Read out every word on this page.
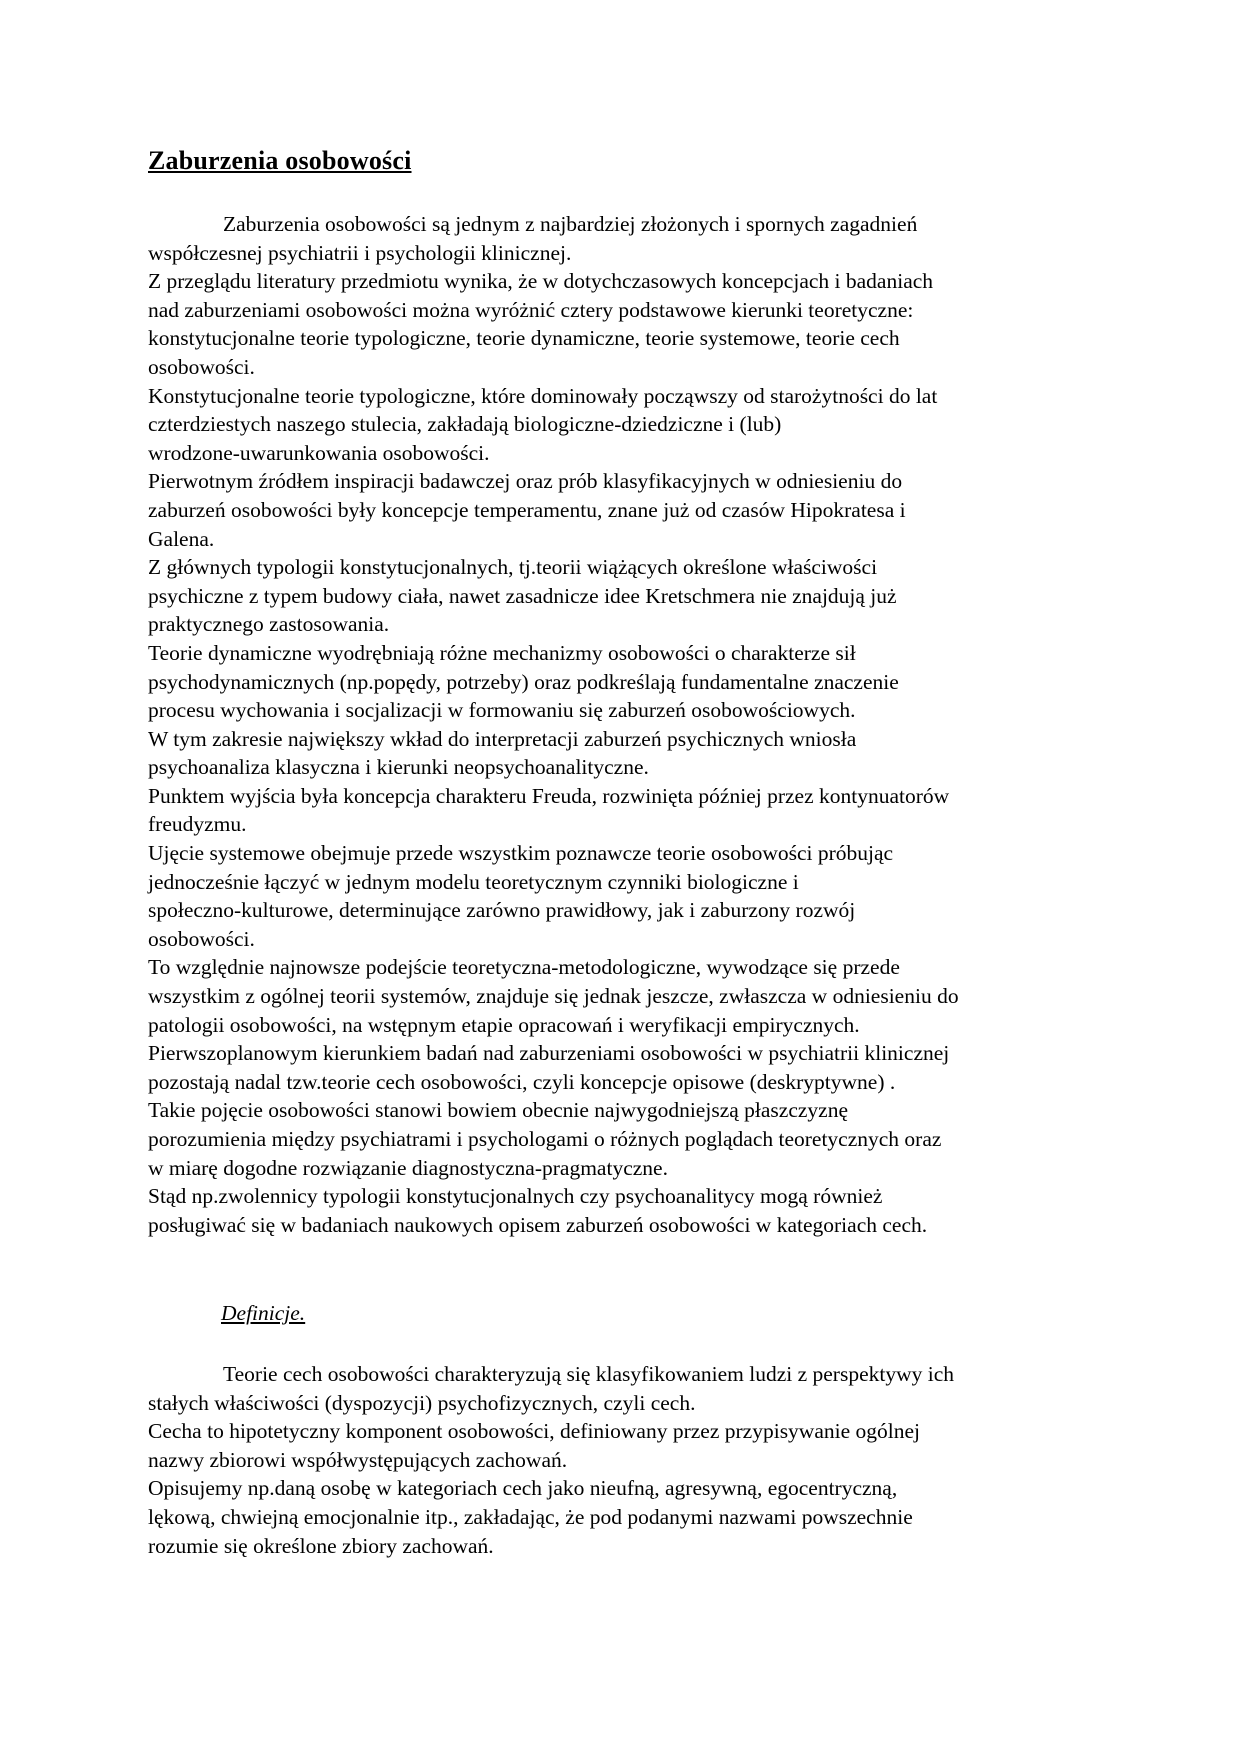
Zaburzenia osobowości
Zaburzenia osobowości są jednym z najbardziej złożonych i spornych zagadnień
współczesnej psychiatrii i psychologii klinicznej.
Z przeglądu literatury przedmiotu wynika, że w dotychczasowych koncepcjach i badaniach
nad zaburzeniami osobowości można wyróżnić cztery podstawowe kierunki teoretyczne:
konstytucjonalne teorie typologiczne, teorie dynamiczne, teorie systemowe, teorie cech
osobowości.
Konstytucjonalne teorie typologiczne, które dominowały począwszy od starożytności do lat
czterdziestych naszego stulecia, zakładają biologiczne-dziedziczne i (lub)
wrodzone-uwarunkowania osobowości.
Pierwotnym źródłem inspiracji badawczej oraz prób klasyfikacyjnych w odniesieniu do
zaburzeń osobowości były koncepcje temperamentu, znane już od czasów Hipokratesa i
Galena.
Z głównych typologii konstytucjonalnych, tj.teorii wiążących określone właściwości
psychiczne z typem budowy ciała, nawet zasadnicze idee Kretschmera nie znajdują już
praktycznego zastosowania.
Teorie dynamiczne wyodrębniają różne mechanizmy osobowości o charakterze sił
psychodynamicznych (np.popędy, potrzeby) oraz podkreślają fundamentalne znaczenie
procesu wychowania i socjalizacji w formowaniu się zaburzeń osobowościowych.
W tym zakresie największy wkład do interpretacji zaburzeń psychicznych wniosła
psychoanaliza klasyczna i kierunki neopsychoanalityczne.
Punktem wyjścia była koncepcja charakteru Freuda, rozwinięta później przez kontynuatorów
freudyzmu.
Ujęcie systemowe obejmuje przede wszystkim poznawcze teorie osobowości próbując
jednocześnie łączyć w jednym modelu teoretycznym czynniki biologiczne i
społeczno-kulturowe, determinujące zarówno prawidłowy, jak i zaburzony rozwój
osobowości.
To względnie najnowsze podejście teoretyczna-metodologiczne, wywodzące się przede
wszystkim z ogólnej teorii systemów, znajduje się jednak jeszcze, zwłaszcza w odniesieniu do
patologii osobowości, na wstępnym etapie opracowań i weryfikacji empirycznych.
Pierwszoplanowym kierunkiem badań nad zaburzeniami osobowości w psychiatrii klinicznej
pozostają nadal tzw.teorie cech osobowości, czyli koncepcje opisowe (deskryptywne) .
Takie pojęcie osobowości stanowi bowiem obecnie najwygodniejszą płaszczyznę
porozumienia między psychiatrami i psychologami o różnych poglądach teoretycznych oraz
w miarę dogodne rozwiązanie diagnostyczna-pragmatyczne.
Stąd np.zwolennicy typologii konstytucjonalnych czy psychoanalitycy mogą również
posługiwać się w badaniach naukowych opisem zaburzeń osobowości w kategoriach cech.
Definicje.
Teorie cech osobowości charakteryzują się klasyfikowaniem ludzi z perspektywy ich
stałych właściwości (dyspozycji) psychofizycznych, czyli cech.
Cecha to hipotetyczny komponent osobowości, definiowany przez przypisywanie ogólnej
nazwy zbiorowi współwystępujących zachowań.
Opisujemy np.daną osobę w kategoriach cech jako nieufną, agresywną, egocentryczną,
lękową, chwiejną emocjonalnie itp., zakładając, że pod podanymi nazwami powszechnie
rozumie się określone zbiory zachowań.
